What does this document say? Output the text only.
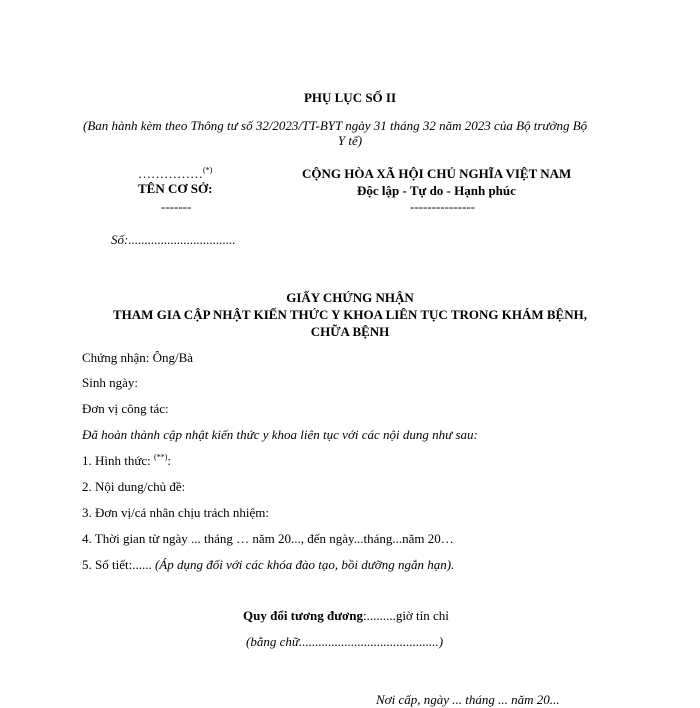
PHỤ LỤC SỐ II
(Ban hành kèm theo Thông tư số 32/2023/TT-BYT ngày 31 tháng 32 năm 2023 của Bộ trưởng Bộ
Y tế)
……………(*)
TÊN CƠ SỞ:
-------
Số:.................................
CỘNG HÒA XÃ HỘI CHỦ NGHĨA VIỆT NAM
Độc lập - Tự do - Hạnh phúc
---------------
GIẤY CHỨNG NHẬN
THAM GIA CẬP NHẬT KIẾN THỨC Y KHOA LIÊN TỤC TRONG KHÁM BỆNH,
CHỮA BỆNH
Chứng nhận: Ông/Bà
Sinh ngày:
Đơn vị công tác:
Đã hoàn thành cập nhật kiến thức y khoa liên tục với các nội dung như sau:
1. Hình thức: (**):
2. Nội dung/chủ đề:
3. Đơn vị/cá nhân chịu trách nhiệm:
4. Thời gian từ ngày ... tháng … năm 20..., đến ngày...tháng...năm 20…
5. Số tiết:...... (Áp dụng đối với các khóa đào tạo, bồi dưỡng ngắn hạn).
Quy đổi tương đương:.........giờ tín chỉ
(bằng chữ...........................................)
Nơi cấp, ngày ... tháng ... năm 20...
